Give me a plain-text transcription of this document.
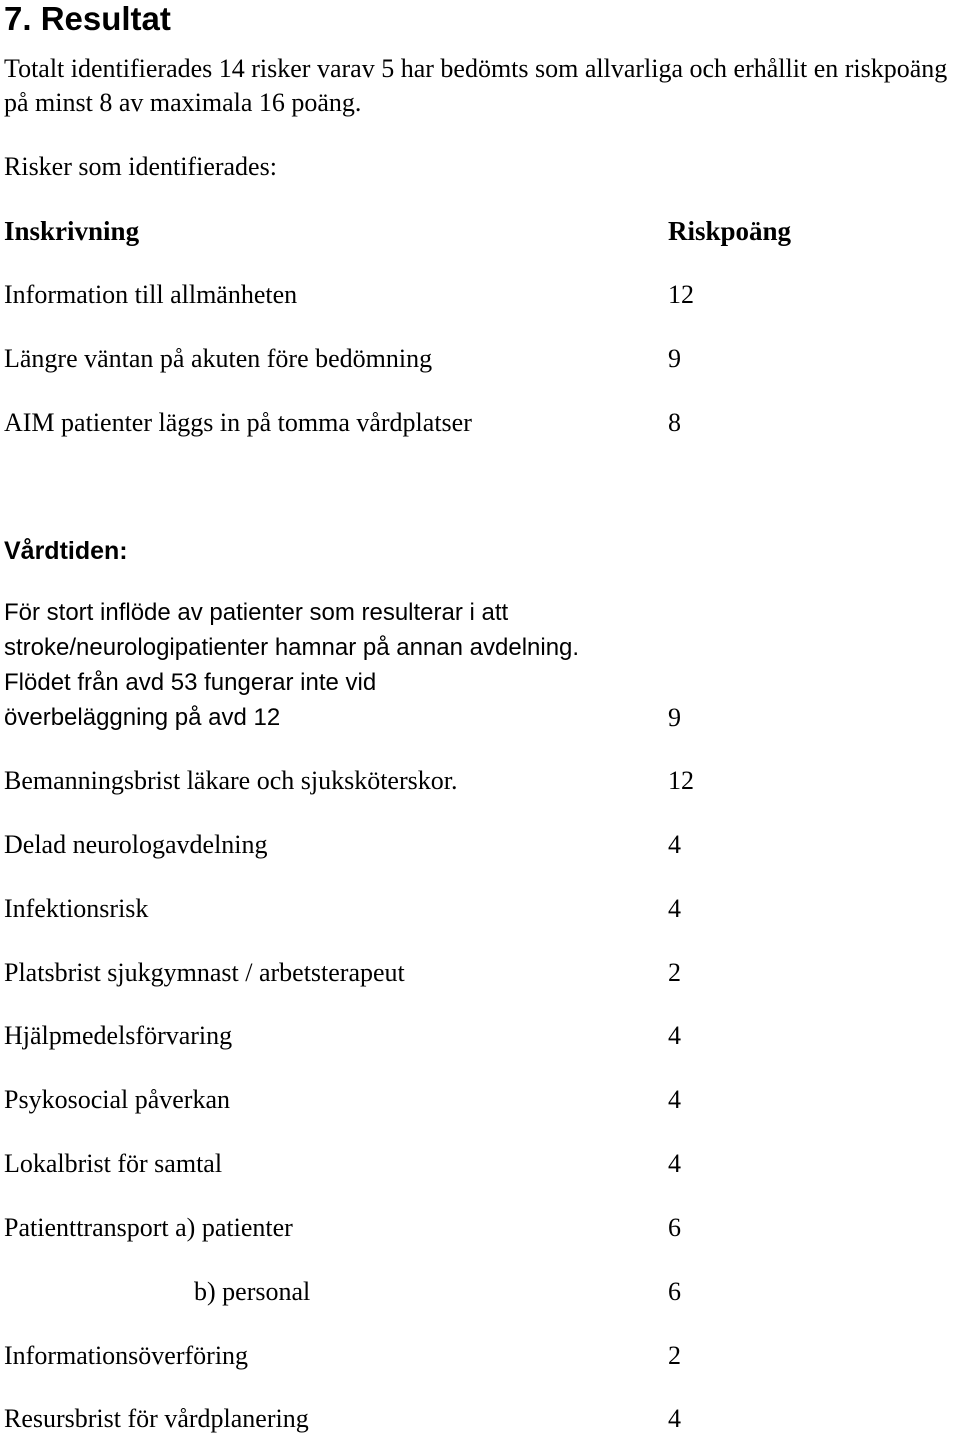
7. Resultat
Totalt identifierades 14 risker varav 5 har bedömts som allvarliga och erhållit en riskpoäng på minst 8 av maximala 16 poäng.
Risker som identifierades:
Inskrivning	Riskpoäng
Information till allmänheten	12
Längre väntan på akuten före bedömning	9
AIM patienter läggs in på tomma vårdplatser	8
Vårdtiden:
För stort inflöde av patienter som resulterar i att
stroke/neurologipatienter hamnar på annan avdelning.
Flödet från avd 53 fungerar inte vid
överbeläggning på avd 12	9
Bemanningsbrist läkare och sjuksköterskor.	12
Delad neurologavdelning	4
Infektionsrisk	4
Platsbrist sjukgymnast / arbetsterapeut	2
Hjälpmedelsförvaring	4
Psykosocial påverkan	4
Lokalbrist för samtal	4
Patienttransport a) patienter	6
b) personal	6
Informationsöverföring	2
Resursbrist för vårdplanering	4
